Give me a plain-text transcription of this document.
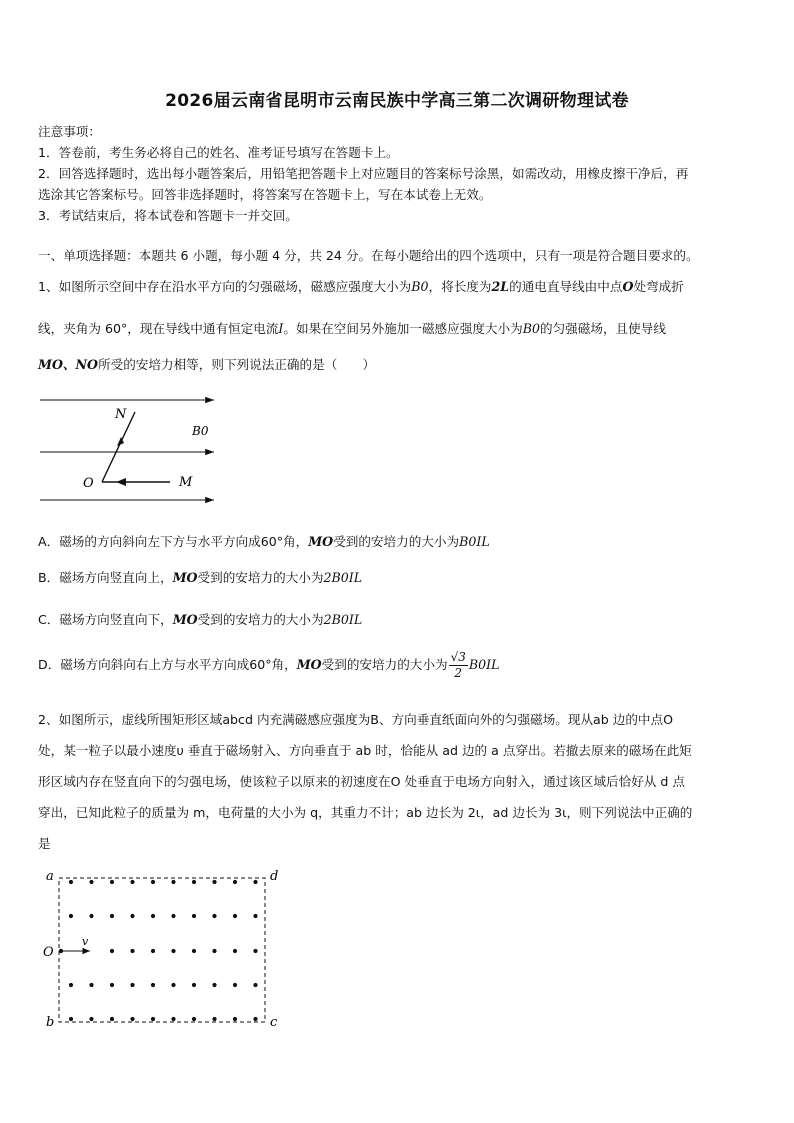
2026届云南省昆明市云南民族中学高三第二次调研物理试卷
注意事项：
1．答卷前，考生务必将自己的姓名、准考证号填写在答题卡上。
2．回答选择题时，选出每小题答案后，用铅笔把答题卡上对应题目的答案标号涂黑，如需改动，用橡皮擦干净后，再
选涂其它答案标号。回答非选择题时，将答案写在答题卡上，写在本试卷上无效。
3．考试结束后，将本试卷和答题卡一并交回。
一、单项选择题：本题共 6 小题，每小题 4 分，共 24 分。在每小题给出的四个选项中，只有一项是符合题目要求的。
1、如图所示空间中存在沿水平方向的匀强磁场，磁感应强度大小为B0，将长度为2L的通电直导线由中点O处弯成折
线，夹角为 60°，现在导线中通有恒定电流I。如果在空间另外施加一磁感应强度大小为B0的匀强磁场，且使导线
MO、NO所受的安培力相等，则下列说法正确的是（　　）
N
O	M
B0
A．磁场的方向斜向左下方与水平方向成60°角，MO受到的安培力的大小为B0IL
B．磁场方向竖直向上，MO受到的安培力的大小为2B0IL
C．磁场方向竖直向下，MO受到的安培力的大小为2B0IL
D．磁场方向斜向右上方与水平方向成60°角，MO受到的安培力的大小为 $\frac{√3}{2} B0IL$
2、如图所示，虚线所围矩形区域abcd 内充满磁感应强度为B、方向垂直纸面向外的匀强磁场。现从ab 边的中点O
处，某一粒子以最小速度υ 垂直于磁场射入、方向垂直于 ab 时，恰能从 ad 边的 a 点穿出。若撤去原来的磁场在此矩
形区域内存在竖直向下的匀强电场，使该粒子以原来的初速度在O 处垂直于电场方向射入，通过该区域后恰好从 d 点
穿出，已知此粒子的质量为 m，电荷量的大小为 q，其重力不计；ab 边长为 2ι，ad 边长为 3ι，则下列说法中正确的
是
v
a	d
O
b	c
